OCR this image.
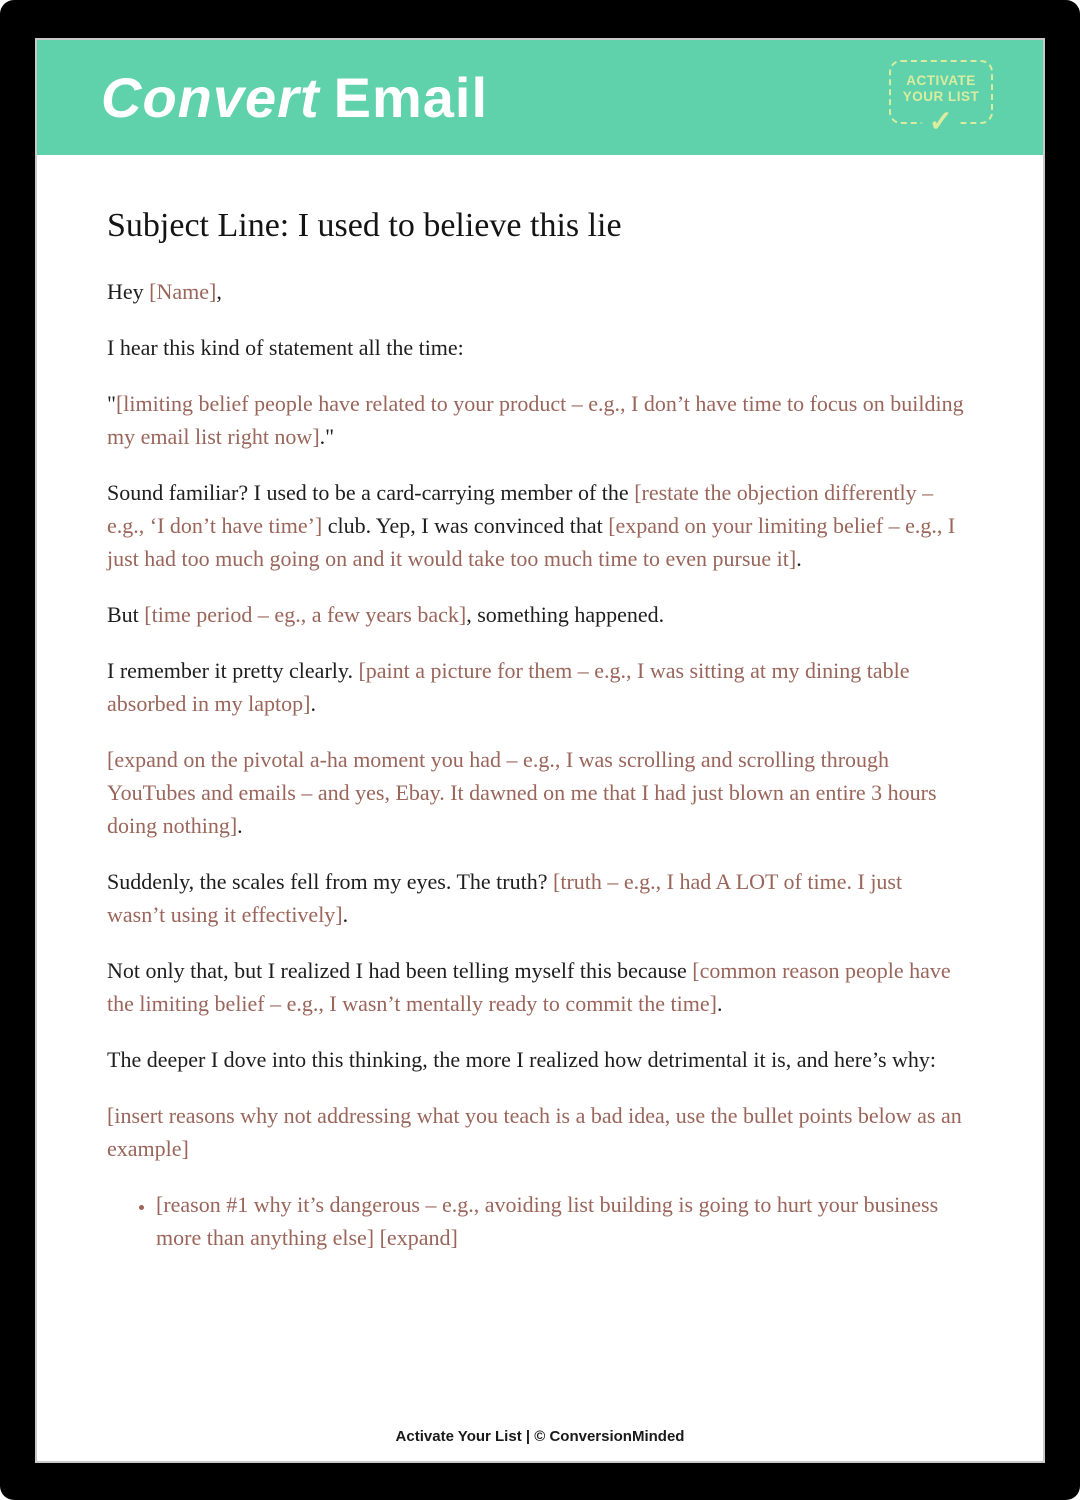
Convert Email	ACTIVATE
YOUR LIST
✓
Subject Line: I used to believe this lie

Hey [Name],

I hear this kind of statement all the time:

"[limiting belief people have related to your product – e.g., I don’t have time to focus on building my email list right now]."

Sound familiar? I used to be a card-carrying member of the [restate the objection differently – e.g., ‘I don’t have time’] club. Yep, I was convinced that [expand on your limiting belief – e.g., I just had too much going on and it would take too much time to even pursue it].

But [time period – eg., a few years back], something happened.

I remember it pretty clearly. [paint a picture for them – e.g., I was sitting at my dining table absorbed in my laptop].

[expand on the pivotal a-ha moment you had – e.g., I was scrolling and scrolling through YouTubes and emails – and yes, Ebay. It dawned on me that I had just blown an entire 3 hours doing nothing].

Suddenly, the scales fell from my eyes. The truth? [truth – e.g., I had A LOT of time. I just wasn’t using it effectively].

Not only that, but I realized I had been telling myself this because [common reason people have the limiting belief – e.g., I wasn’t mentally ready to commit the time].

The deeper I dove into this thinking, the more I realized how detrimental it is, and here’s why:

[insert reasons why not addressing what you teach is a bad idea, use the bullet points below as an example]

• [reason #1 why it’s dangerous – e.g., avoiding list building is going to hurt your business more than anything else] [expand]
Activate Your List | © ConversionMinded
